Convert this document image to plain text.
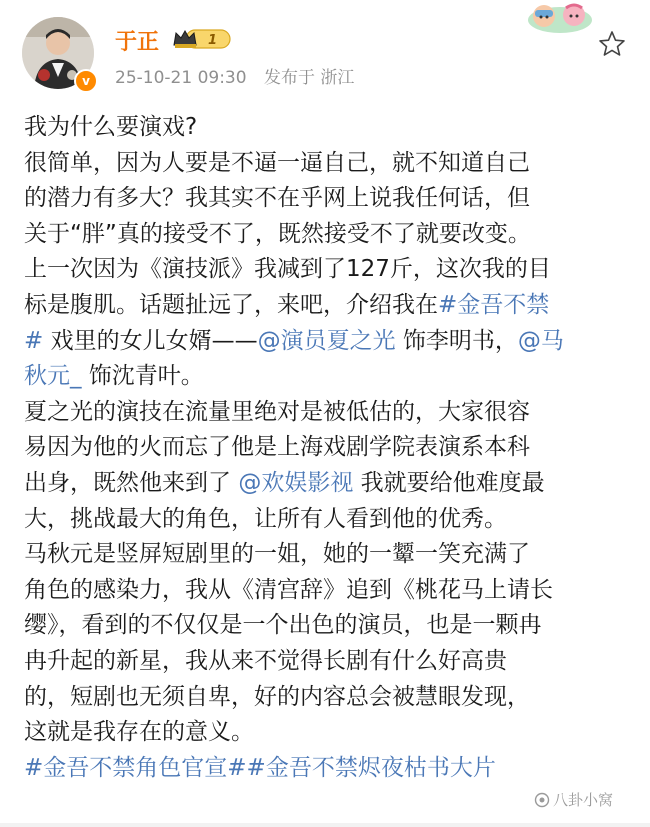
v
于正	1
25-10-21 09:30 发布于 浙江
我为什么要演戏?
很简单，因为人要是不逼一逼自己，就不知道自己
的潜力有多大？我其实不在乎网上说我任何话，但
关于“胖”真的接受不了，既然接受不了就要改变。
上一次因为《演技派》我减到了127斤，这次我的目
标是腹肌。话题扯远了，来吧，介绍我在#金吾不禁
# 戏里的女儿女婿——@演员夏之光 饰李明书，@马
秋元_ 饰沈青叶。
夏之光的演技在流量里绝对是被低估的，大家很容
易因为他的火而忘了他是上海戏剧学院表演系本科
出身，既然他来到了 @欢娱影视 我就要给他难度最
大，挑战最大的角色，让所有人看到他的优秀。
马秋元是竖屏短剧里的一姐，她的一颦一笑充满了
角色的感染力，我从《清宫辞》追到《桃花马上请长
缨》，看到的不仅仅是一个出色的演员，也是一颗冉
冉升起的新星，我从来不觉得长剧有什么好高贵
的，短剧也无须自卑，好的内容总会被慧眼发现，
这就是我存在的意义。
#金吾不禁角色官宣##金吾不禁烬夜枯书大片
八卦小窝
